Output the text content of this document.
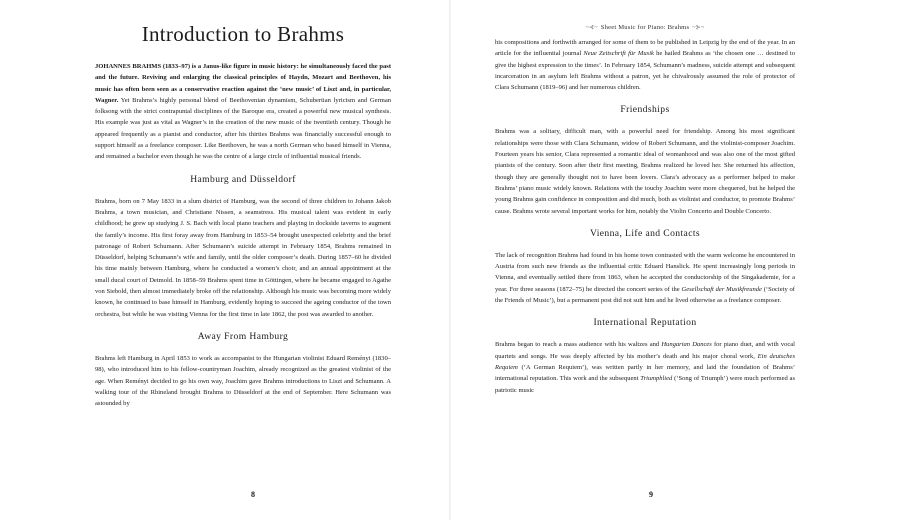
Introduction to Brahms

JOHANNES BRAHMS (1833–97) is a Janus-like figure in music history: he simultaneously faced the past and the future. Reviving and enlarging the classical principles of Haydn, Mozart and Beethoven, his music has often been seen as a conservative reaction against the ‘new music’ of Liszt and, in particular, Wagner. Yet Brahms’s highly personal blend of Beethovenian dynamism, Schubertian lyricism and German folksong with the strict contrapuntal disciplines of the Baroque era, created a powerful new musical synthesis. His example was just as vital as Wagner’s in the creation of the new music of the twentieth century. Though he appeared frequently as a pianist and conductor, after his thirties Brahms was financially successful enough to support himself as a freelance composer. Like Beethoven, he was a north German who based himself in Vienna, and remained a bachelor even though he was the centre of a large circle of influential musical friends.

Hamburg and Düsseldorf

Brahms, born on 7 May 1833 in a slum district of Hamburg, was the second of three children to Johann Jakob Brahms, a town musician, and Christiane Nissen, a seamstress. His musical talent was evident in early childhood; he grew up studying J. S. Bach with local piano teachers and playing in dockside taverns to augment the family’s income. His first foray away from Hamburg in 1853–54 brought unexpected celebrity and the brief patronage of Robert Schumann. After Schumann’s suicide attempt in February 1854, Brahms remained in Düsseldorf, helping Schumann’s wife and family, until the older composer’s death. During 1857–60 he divided his time mainly between Hamburg, where he conducted a women’s choir, and an annual appointment at the small ducal court of Detmold. In 1858–59 Brahms spent time in Göttingen, where he became engaged to Agathe von Siebold, then almost immediately broke off the relationship. Although his music was becoming more widely known, he continued to base himself in Hamburg, evidently hoping to succeed the ageing conductor of the town orchestra, but while he was visiting Vienna for the first time in late 1862, the post was awarded to another.

Away From Hamburg

Brahms left Hamburg in April 1853 to work as accompanist to the Hungarian violinist Eduard Reményi (1830–98), who introduced him to his fellow-countryman Joachim, already recognized as the greatest violinist of the age. When Reményi decided to go his own way, Joachim gave Brahms introductions to Liszt and Schumann. A walking tour of the Rhineland brought Brahms to Düsseldorf at the end of September. Here Schumann was astounded by

8
~⊰~ Sheet Music for Piano: Brahms ~⊱~

his compositions and forthwith arranged for some of them to be published in Leipzig by the end of the year. In an article for the influential journal Neue Zeitschrift für Musik he hailed Brahms as ‘the chosen one … destined to give the highest expression to the times’. In February 1854, Schumann’s madness, suicide attempt and subsequent incarceration in an asylum left Brahms without a patron, yet he chivalrously assumed the role of protector of Clara Schumann (1819–96) and her numerous children.

Friendships

Brahms was a solitary, difficult man, with a powerful need for friendship. Among his most significant relationships were those with Clara Schumann, widow of Robert Schumann, and the violinist-composer Joachim. Fourteen years his senior, Clara represented a romantic ideal of womanhood and was also one of the most gifted pianists of the century. Soon after their first meeting, Brahms realized he loved her. She returned his affection, though they are generally thought not to have been lovers. Clara’s advocacy as a performer helped to make Brahms’ piano music widely known. Relations with the touchy Joachim were more chequered, but he helped the young Brahms gain confidence in composition and did much, both as violinist and conductor, to promote Brahms’ cause. Brahms wrote several important works for him, notably the Violin Concerto and Double Concerto.

Vienna, Life and Contacts

The lack of recognition Brahms had found in his home town contrasted with the warm welcome he encountered in Austria from such new friends as the influential critic Eduard Hanslick. He spent increasingly long periods in Vienna, and eventually settled there from 1863, when he accepted the conductorship of the Singakademie, for a year. For three seasons (1872–75) he directed the concert series of the Gesellschaft der Musikfreunde (‘Society of the Friends of Music’), but a permanent post did not suit him and he lived otherwise as a freelance composer.

International Reputation

Brahms began to reach a mass audience with his waltzes and Hungarian Dances for piano duet, and with vocal quartets and songs. He was deeply affected by his mother’s death and his major choral work, Ein deutsches Requiem (‘A German Requiem’), was written partly in her memory, and laid the foundation of Brahms’ international reputation. This work and the subsequent Triumphlied (‘Song of Triumph’) were much performed as patriotic music

9
